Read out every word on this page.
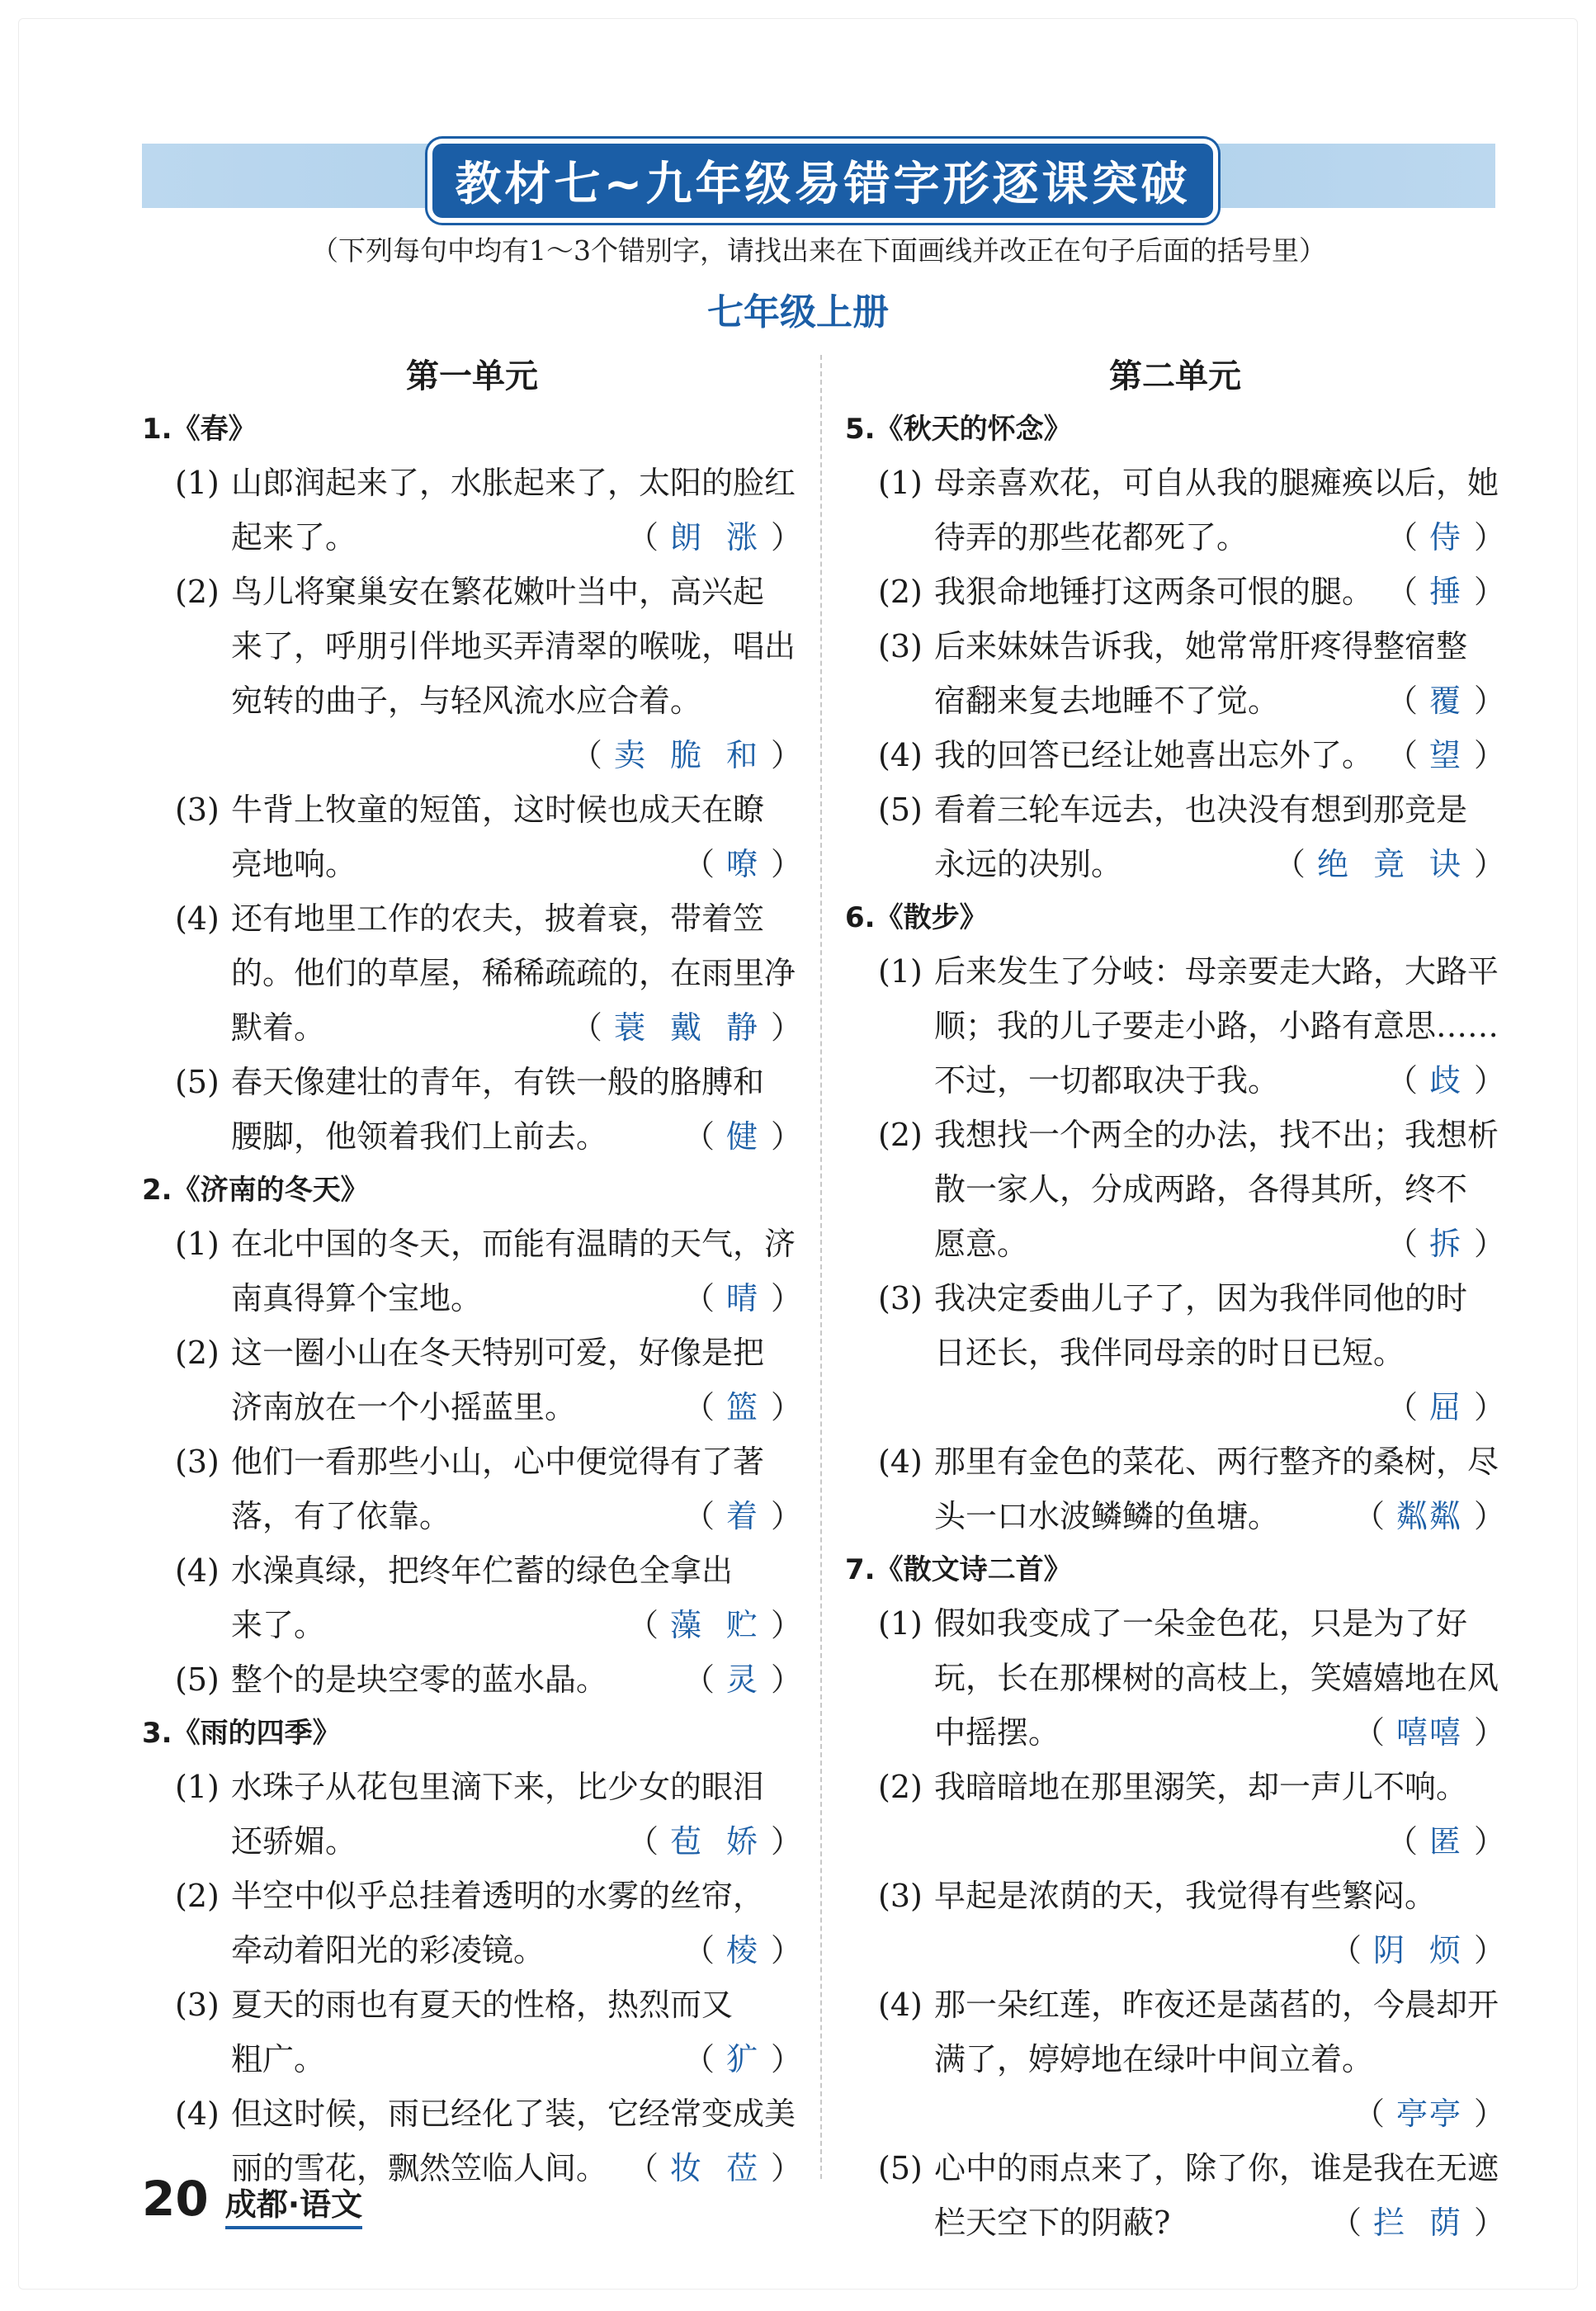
教材七~九年级易错字形逐课突破
（下列每句中均有1～3个错别字，请找出来在下面画线并改正在句子后面的括号里）
七年级上册
第一单元	第二单元
1.《春》
(1) 山郎润起来了，水胀起来了，太阳的脸红
起来了。	（ 朗 涨 ）
(2) 鸟儿将窠巢安在繁花嫩叶当中，高兴起
来了，呼朋引伴地买弄清翠的喉咙，唱出
宛转的曲子，与轻风流水应合着。
（ 卖 脆 和 ）
(3) 牛背上牧童的短笛，这时候也成天在瞭
亮地响。	（ 嘹 ）
(4) 还有地里工作的农夫，披着衰，带着笠
的。他们的草屋，稀稀疏疏的，在雨里净
默着。	（ 蓑 戴 静 ）
(5) 春天像建壮的青年，有铁一般的胳膊和
腰脚，他领着我们上前去。	（ 健 ）
2.《济南的冬天》
(1) 在北中国的冬天，而能有温睛的天气，济
南真得算个宝地。	（ 晴 ）
(2) 这一圈小山在冬天特别可爱，好像是把
济南放在一个小摇蓝里。	（ 篮 ）
(3) 他们一看那些小山，心中便觉得有了著
落，有了依靠。	（ 着 ）
(4) 水澡真绿，把终年伫蓄的绿色全拿出
来了。	（ 藻 贮 ）
(5) 整个的是块空零的蓝水晶。	（ 灵 ）
3.《雨的四季》
(1) 水珠子从花包里滴下来，比少女的眼泪
还骄媚。	（ 苞 娇 ）
(2) 半空中似乎总挂着透明的水雾的丝帘，
牵动着阳光的彩凌镜。	（ 棱 ）
(3) 夏天的雨也有夏天的性格，热烈而又
粗广。	（ 犷 ）
(4) 但这时候，雨已经化了装，它经常变成美
丽的雪花，飘然笠临人间。 （ 妆 莅 ）
5.《秋天的怀念》
(1) 母亲喜欢花，可自从我的腿瘫痪以后，她
待弄的那些花都死了。	（ 侍 ）
(2) 我狠命地锤打这两条可恨的腿。 （ 捶 ）
(3) 后来妹妹告诉我，她常常肝疼得整宿整
宿翻来复去地睡不了觉。	（ 覆 ）
(4) 我的回答已经让她喜出忘外了。 （ 望 ）
(5) 看着三轮车远去，也决没有想到那竞是
永远的决别。	（ 绝 竟 诀 ）
6.《散步》
(1) 后来发生了分岐：母亲要走大路，大路平
顺；我的儿子要走小路，小路有意思……
不过，一切都取决于我。	（ 歧 ）
(2) 我想找一个两全的办法，找不出；我想析
散一家人，分成两路，各得其所，终不
愿意。	（ 拆 ）
(3) 我决定委曲儿子了，因为我伴同他的时
日还长，我伴同母亲的时日已短。
（ 屈 ）
(4) 那里有金色的菜花、两行整齐的桑树，尽
头一口水波鳞鳞的鱼塘。	（ 粼粼 ）
7.《散文诗二首》
(1) 假如我变成了一朵金色花，只是为了好
玩，长在那棵树的高枝上，笑嬉嬉地在风
中摇摆。	（ 嘻嘻 ）
(2) 我暗暗地在那里溺笑，却一声儿不响。
（ 匿 ）
(3) 早起是浓荫的天，我觉得有些繁闷。
（ 阴 烦 ）
(4) 那一朵红莲，昨夜还是菡萏的，今晨却开
满了，婷婷地在绿叶中间立着。
（ 亭亭 ）
(5) 心中的雨点来了，除了你，谁是我在无遮
栏天空下的阴蔽?	（ 拦 荫 ）
20 成都·语文
